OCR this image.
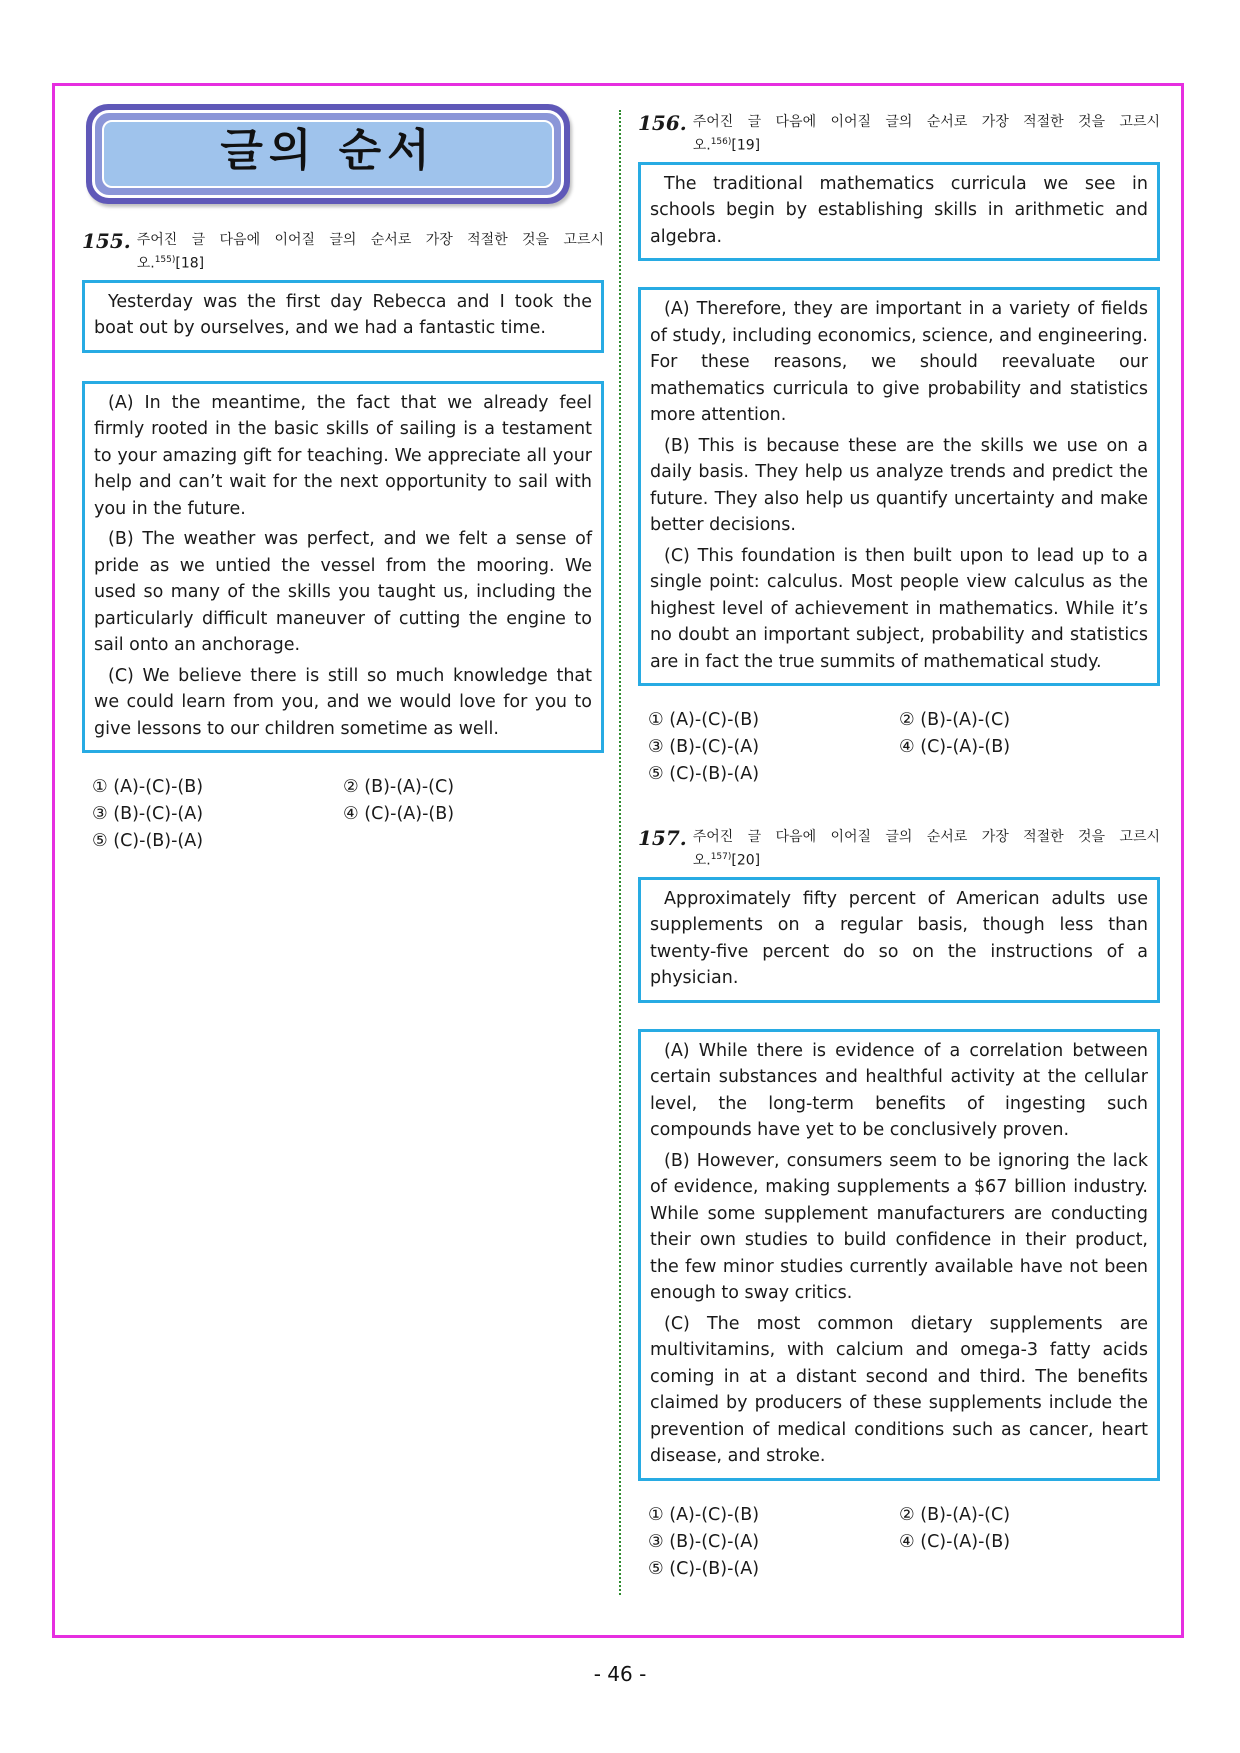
글의 순서
155. 주어진 글 다음에 이어질 글의 순서로 가장 적절한 것을 고르시
오.$^{155)}$[18]

Yesterday was the first day Rebecca and I took the boat out by ourselves, and we had a fantastic time.

(A) In the meantime, the fact that we already feel firmly rooted in the basic skills of sailing is a testament to your amazing gift for teaching. We appreciate all your help and can’t wait for the next opportunity to sail with you in the future.

(B) The weather was perfect, and we felt a sense of pride as we untied the vessel from the mooring. We used so many of the skills you taught us, including the particularly difficult maneuver of cutting the engine to sail onto an anchorage.

(C) We believe there is still so much knowledge that we could learn from you, and we would love for you to give lessons to our children sometime as well.

① (A)-(C)-(B)	② (B)-(A)-(C)
③ (B)-(C)-(A)	④ (C)-(A)-(B)
⑤ (C)-(B)-(A)
156. 주어진 글 다음에 이어질 글의 순서로 가장 적절한 것을 고르시
오.$^{156)}$[19]

The traditional mathematics curricula we see in schools begin by establishing skills in arithmetic and algebra.

(A) Therefore, they are important in a variety of fields of study, including economics, science, and engineering. For these reasons, we should reevaluate our mathematics curricula to give probability and statistics more attention.

(B) This is because these are the skills we use on a daily basis. They help us analyze trends and predict the future. They also help us quantify uncertainty and make better decisions.

(C) This foundation is then built upon to lead up to a single point: calculus. Most people view calculus as the highest level of achievement in mathematics. While it’s no doubt an important subject, probability and statistics are in fact the true summits of mathematical study.

① (A)-(C)-(B)	② (B)-(A)-(C)
③ (B)-(C)-(A)	④ (C)-(A)-(B)
⑤ (C)-(B)-(A)
157. 주어진 글 다음에 이어질 글의 순서로 가장 적절한 것을 고르시
오.$^{157)}$[20]

Approximately fifty percent of American adults use supplements on a regular basis, though less than twenty-five percent do so on the instructions of a physician.

(A) While there is evidence of a correlation between certain substances and healthful activity at the cellular level, the long-term benefits of ingesting such compounds have yet to be conclusively proven.

(B) However, consumers seem to be ignoring the lack of evidence, making supplements a $67 billion industry. While some supplement manufacturers are conducting their own studies to build confidence in their product, the few minor studies currently available have not been enough to sway critics.

(C) The most common dietary supplements are multivitamins, with calcium and omega-3 fatty acids coming in at a distant second and third. The benefits claimed by producers of these supplements include the prevention of medical conditions such as cancer, heart disease, and stroke.

① (A)-(C)-(B)	② (B)-(A)-(C)
③ (B)-(C)-(A)	④ (C)-(A)-(B)
⑤ (C)-(B)-(A)
- 46 -
